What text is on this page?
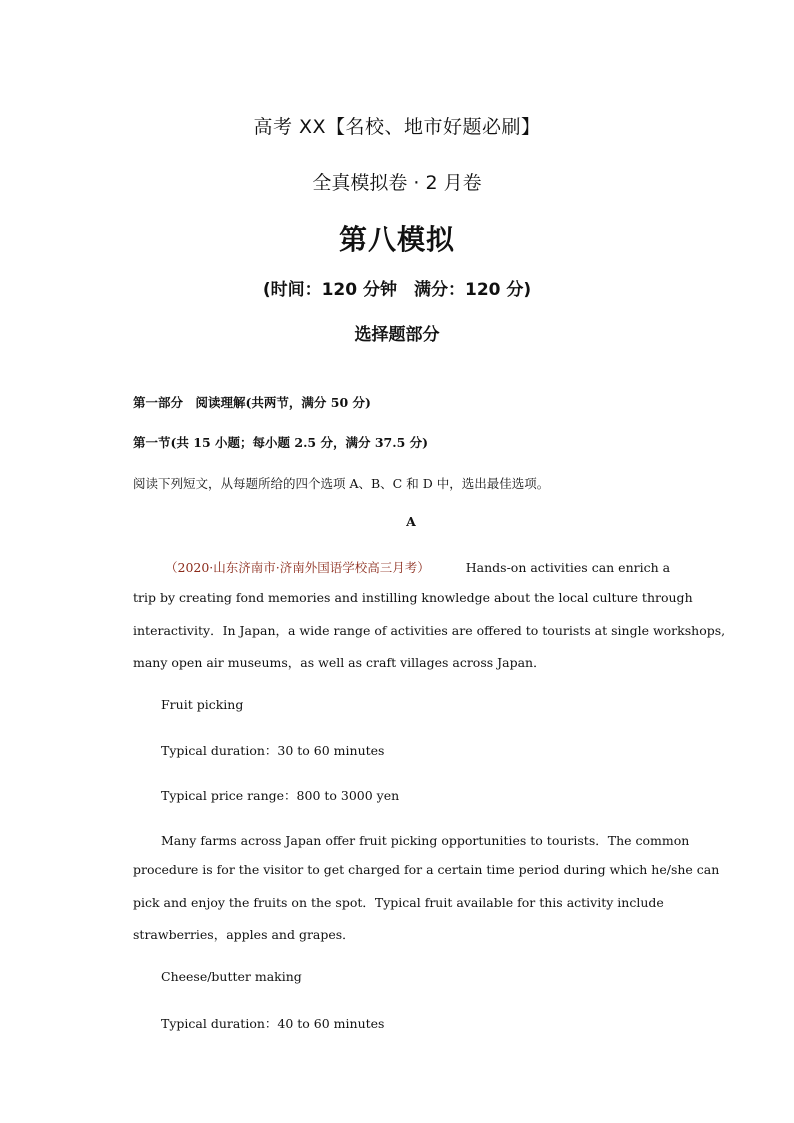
高考 XX【名校、地市好题必刷】
全真模拟卷 · 2 月卷
第八模拟
(时间：120 分钟　满分：120 分)
选择题部分
第一部分　阅读理解(共两节，满分 50 分)
第一节(共 15 小题；每小题 2.5 分，满分 37.5 分)
阅读下列短文，从每题所给的四个选项 A、B、C 和 D 中，选出最佳选项。
A
（2020·山东济南市·济南外国语学校高三月考）	Hands-on activities can enrich a
trip by creating fond memories and instilling knowledge about the local culture through
interactivity．In Japan，a wide range of activities are offered to tourists at single workshops,
many open air museums，as well as craft villages across Japan．
Fruit picking
Typical duration：30 to 60 minutes
Typical price range：800 to 3000 yen
Many farms across Japan offer fruit picking opportunities to tourists．The common
procedure is for the visitor to get charged for a certain time period during which he/she can
pick and enjoy the fruits on the spot．Typical fruit available for this activity include
strawberries，apples and grapes．
Cheese/butter making
Typical duration：40 to 60 minutes
